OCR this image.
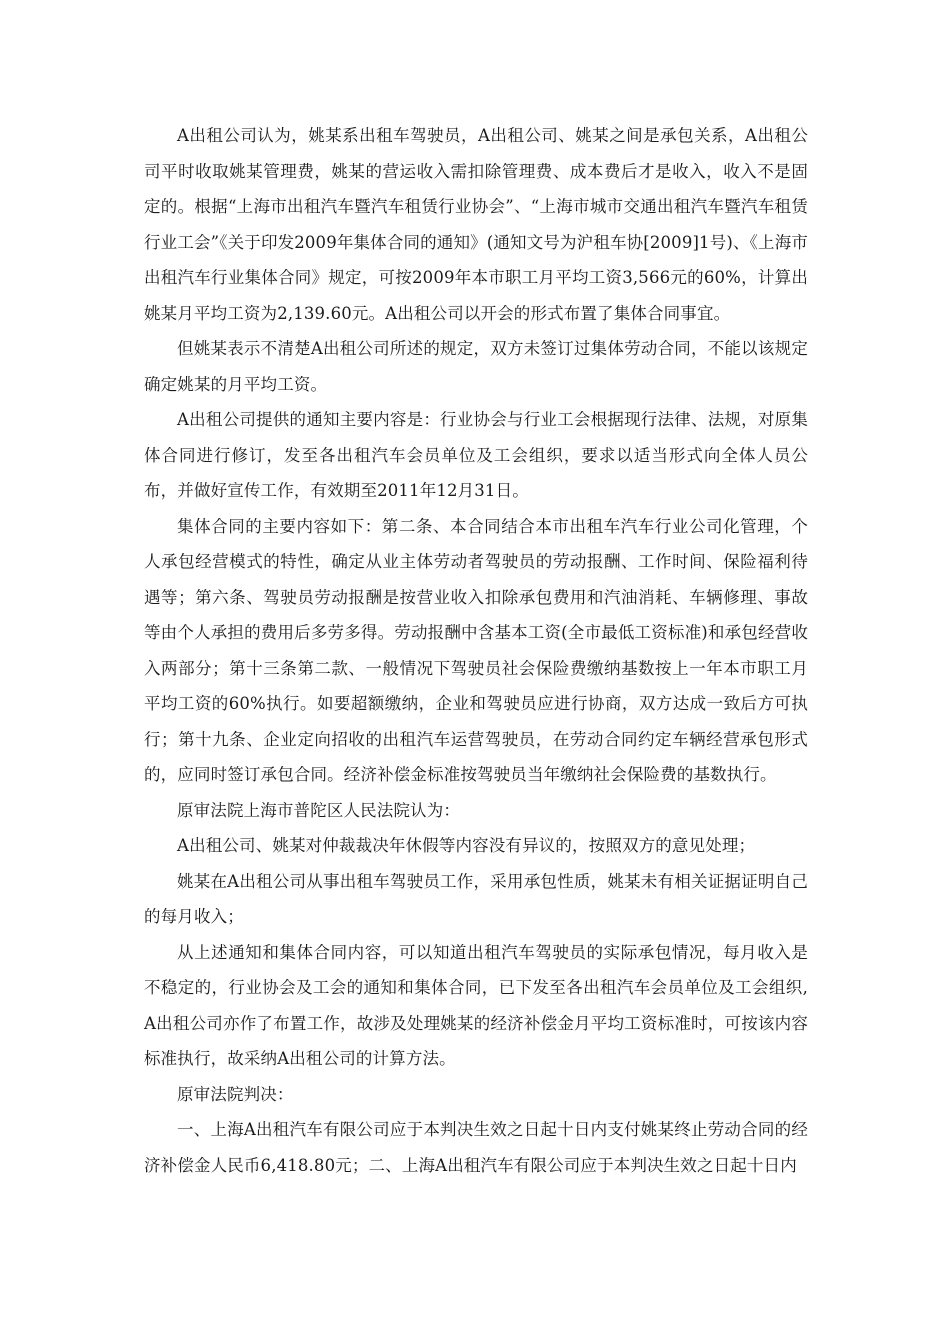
A出租公司认为，姚某系出租车驾驶员，A出租公司、姚某之间是承包关系，A出租公司平时收取姚某管理费，姚某的营运收入需扣除管理费、成本费后才是收入，收入不是固定的。根据“上海市出租汽车暨汽车租赁行业协会”、“上海市城市交通出租汽车暨汽车租赁行业工会”《关于印发2009年集体合同的通知》(通知文号为沪租车协[2009]1号)、《上海市出租汽车行业集体合同》规定，可按2009年本市职工月平均工资3,566元的60%，计算出姚某月平均工资为2,139.60元。A出租公司以开会的形式布置了集体合同事宜。

但姚某表示不清楚A出租公司所述的规定，双方未签订过集体劳动合同，不能以该规定确定姚某的月平均工资。

A出租公司提供的通知主要内容是：行业协会与行业工会根据现行法律、法规，对原集体合同进行修订，发至各出租汽车会员单位及工会组织，要求以适当形式向全体人员公布，并做好宣传工作，有效期至2011年12月31日。

集体合同的主要内容如下：第二条、本合同结合本市出租车汽车行业公司化管理，个人承包经营模式的特性，确定从业主体劳动者驾驶员的劳动报酬、工作时间、保险福利待遇等；第六条、驾驶员劳动报酬是按营业收入扣除承包费用和汽油消耗、车辆修理、事故等由个人承担的费用后多劳多得。劳动报酬中含基本工资(全市最低工资标准)和承包经营收入两部分；第十三条第二款、一般情况下驾驶员社会保险费缴纳基数按上一年本市职工月平均工资的60%执行。如要超额缴纳，企业和驾驶员应进行协商，双方达成一致后方可执行；第十九条、企业定向招收的出租汽车运营驾驶员，在劳动合同约定车辆经营承包形式的，应同时签订承包合同。经济补偿金标准按驾驶员当年缴纳社会保险费的基数执行。

原审法院上海市普陀区人民法院认为：

A出租公司、姚某对仲裁裁决年休假等内容没有异议的，按照双方的意见处理；

姚某在A出租公司从事出租车驾驶员工作，采用承包性质，姚某未有相关证据证明自己的每月收入；

从上述通知和集体合同内容，可以知道出租汽车驾驶员的实际承包情况，每月收入是不稳定的，行业协会及工会的通知和集体合同，已下发至各出租汽车会员单位及工会组织,A出租公司亦作了布置工作，故涉及处理姚某的经济补偿金月平均工资标准时，可按该内容标准执行，故采纳A出租公司的计算方法。

原审法院判决：

一、上海A出租汽车有限公司应于本判决生效之日起十日内支付姚某终止劳动合同的经济补偿金人民币6,418.80元；二、上海A出租汽车有限公司应于本判决生效之日起十日内
